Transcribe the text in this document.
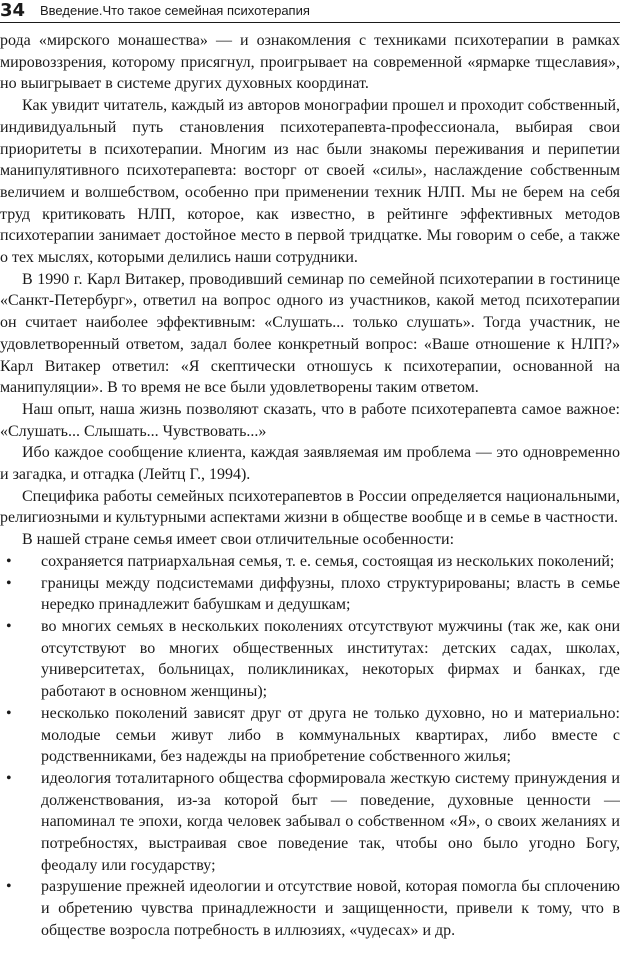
34 Введение.Что такое семейная психотерапия

рода «мирского монашества» — и ознакомления с техниками психотерапии в рамках мировоззрения, которому присягнул, проигрывает на современной «ярмарке тщеславия», но выигрывает в системе других духовных координат.

Как увидит читатель, каждый из авторов монографии прошел и проходит собственный, индивидуальный путь становления психотерапевта-профессионала, выбирая свои приоритеты в психотерапии. Многим из нас были знакомы переживания и перипетии манипулятивного психотерапевта: восторг от своей «силы», наслаждение собственным величием и волшебством, особенно при применении техник НЛП. Мы не берем на себя труд критиковать НЛП, которое, как известно, в рейтинге эффективных методов психотерапии занимает достойное место в первой тридцатке. Мы говорим о себе, а также о тех мыслях, которыми делились наши сотрудники.

В 1990 г. Карл Витакер, проводивший семинар по семейной психотерапии в гостинице «Санкт-Петербург», ответил на вопрос одного из участников, какой метод психотерапии он считает наиболее эффективным: «Слушать... только слушать». Тогда участник, не удовлетворенный ответом, задал более конкретный вопрос: «Ваше отношение к НЛП?» Карл Витакер ответил: «Я скептически отношусь к психотерапии, основанной на манипуляции». В то время не все были удовлетворены таким ответом.

Наш опыт, наша жизнь позволяют сказать, что в работе психотерапевта самое важное: «Слушать... Слышать... Чувствовать...»

Ибо каждое сообщение клиента, каждая заявляемая им проблема — это одновременно и загадка, и отгадка (Лейтц Г., 1994).

Специфика работы семейных психотерапевтов в России определяется национальными, религиозными и культурными аспектами жизни в обществе вообще и в семье в частности.

В нашей стране семья имеет свои отличительные особенности:

• сохраняется патриархальная семья, т. е. семья, состоящая из нескольких поколений;
• границы между подсистемами диффузны, плохо структурированы; власть в семье нередко принадлежит бабушкам и дедушкам;
• во многих семьях в нескольких поколениях отсутствуют мужчины (так же, как они отсутствуют во многих общественных институтах: детских садах, школах, университетах, больницах, поликлиниках, некоторых фирмах и банках, где работают в основном женщины);
• несколько поколений зависят друг от друга не только духовно, но и материально: молодые семьи живут либо в коммунальных квартирах, либо вместе с родственниками, без надежды на приобретение собственного жилья;
• идеология тоталитарного общества сформировала жесткую систему принуждения и долженствования, из-за которой быт — поведение, духовные ценности — напоминал те эпохи, когда человек забывал о собственном «Я», о своих желаниях и потребностях, выстраивая свое поведение так, чтобы оно было угодно Богу, феодалу или государству;
• разрушение прежней идеологии и отсутствие новой, которая помогла бы сплочению и обретению чувства принадлежности и защищенности, привели к тому, что в обществе возросла потребность в иллюзиях, «чудесах» и др.
